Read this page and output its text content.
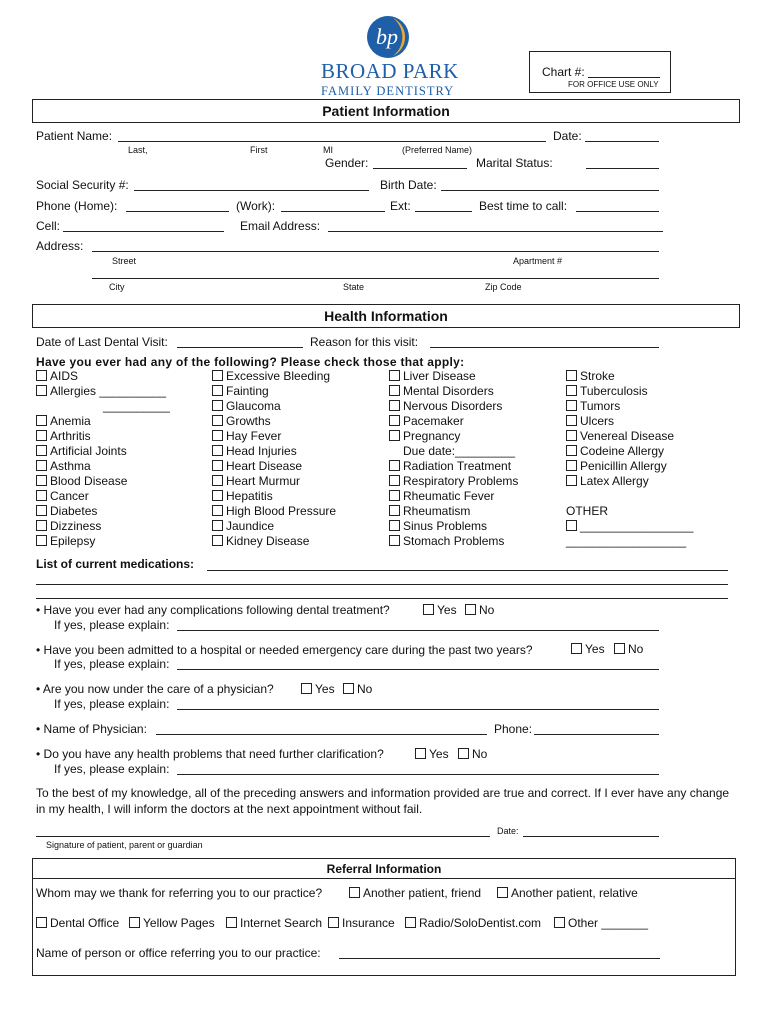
bp
BROAD PARK
FAMILY DENTISTRY
Chart #:
FOR OFFICE USE ONLY
Patient Information
Patient Name:	Date:
Last,	First	MI	(Preferred Name)
Gender:	Marital Status:
Social Security #:	Birth Date:
Phone (Home):	(Work):	Ext:	Best time to call:
Cell:	Email Address:
Address:
Street	Apartment #
City	State	Zip Code
Health Information
Date of Last Dental Visit:	Reason for this visit:
Have you ever had any of the following? Please check those that apply:
AIDS
Allergies __________
__________
Anemia
Arthritis
Artificial Joints
Asthma
Blood Disease
Cancer
Diabetes
Dizziness
Epilepsy
Excessive Bleeding
Fainting
Glaucoma
Growths
Hay Fever
Head Injuries
Heart Disease
Heart Murmur
Hepatitis
High Blood Pressure
Jaundice
Kidney Disease
Liver Disease
Mental Disorders
Nervous Disorders
Pacemaker
Pregnancy
Due date:_________
Radiation Treatment
Respiratory Problems
Rheumatic Fever
Rheumatism
Sinus Problems
Stomach Problems
Stroke
Tuberculosis
Tumors
Ulcers
Venereal Disease
Codeine Allergy
Penicillin Allergy
Latex Allergy
OTHER
_________________
__________________
List of current medications:
• Have you ever had any complications following dental treatment?	Yes	No
If yes, please explain:
• Have you been admitted to a hospital or needed emergency care during the past two years?	Yes	No
If yes, please explain:
• Are you now under the care of a physician?	Yes	No
If yes, please explain:
• Name of Physician:	Phone:
• Do you have any health problems that need further clarification?	Yes	No
If yes, please explain:
To the best of my knowledge, all of the preceding answers and information provided are true and correct. If I ever have any change in my health, I will inform the doctors at the next appointment without fail.
Date:
Signature of patient, parent or guardian
Referral Information
Whom may we thank for referring you to our practice?	Another patient, friend	Another patient, relative
Dental Office	Yellow Pages	Internet Search	Insurance	Radio/SoloDentist.com	Other _______
Name of person or office referring you to our practice:
